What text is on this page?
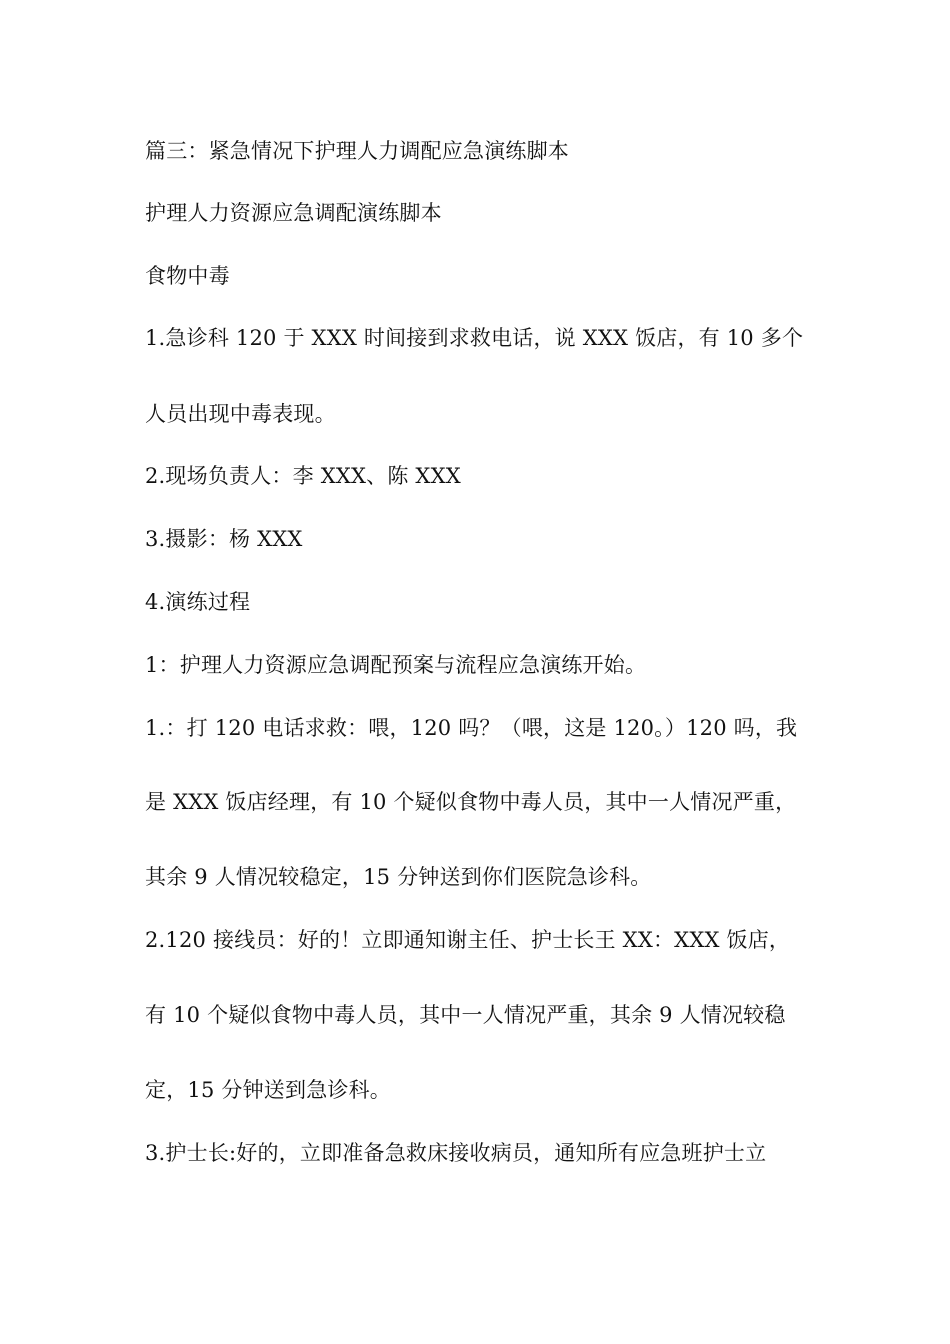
篇三：紧急情况下护理人力调配应急演练脚本
护理人力资源应急调配演练脚本
食物中毒
1.急诊科 120 于 XXX 时间接到求救电话，说 XXX 饭店，有 10 多个
人员出现中毒表现。
2.现场负责人：李 XXX、陈 XXX
3.摄影：杨 XXX
4.演练过程
1：护理人力资源应急调配预案与流程应急演练开始。
1.：打 120 电话求救：喂，120 吗？（喂，这是 120。）120 吗，我
是 XXX 饭店经理，有 10 个疑似食物中毒人员，其中一人情况严重，
其余 9 人情况较稳定，15 分钟送到你们医院急诊科。
2.120 接线员：好的！立即通知谢主任、护士长王 XX：XXX 饭店，
有 10 个疑似食物中毒人员，其中一人情况严重，其余 9 人情况较稳
定，15 分钟送到急诊科。
3.护士长:好的，立即准备急救床接收病员，通知所有应急班护士立
